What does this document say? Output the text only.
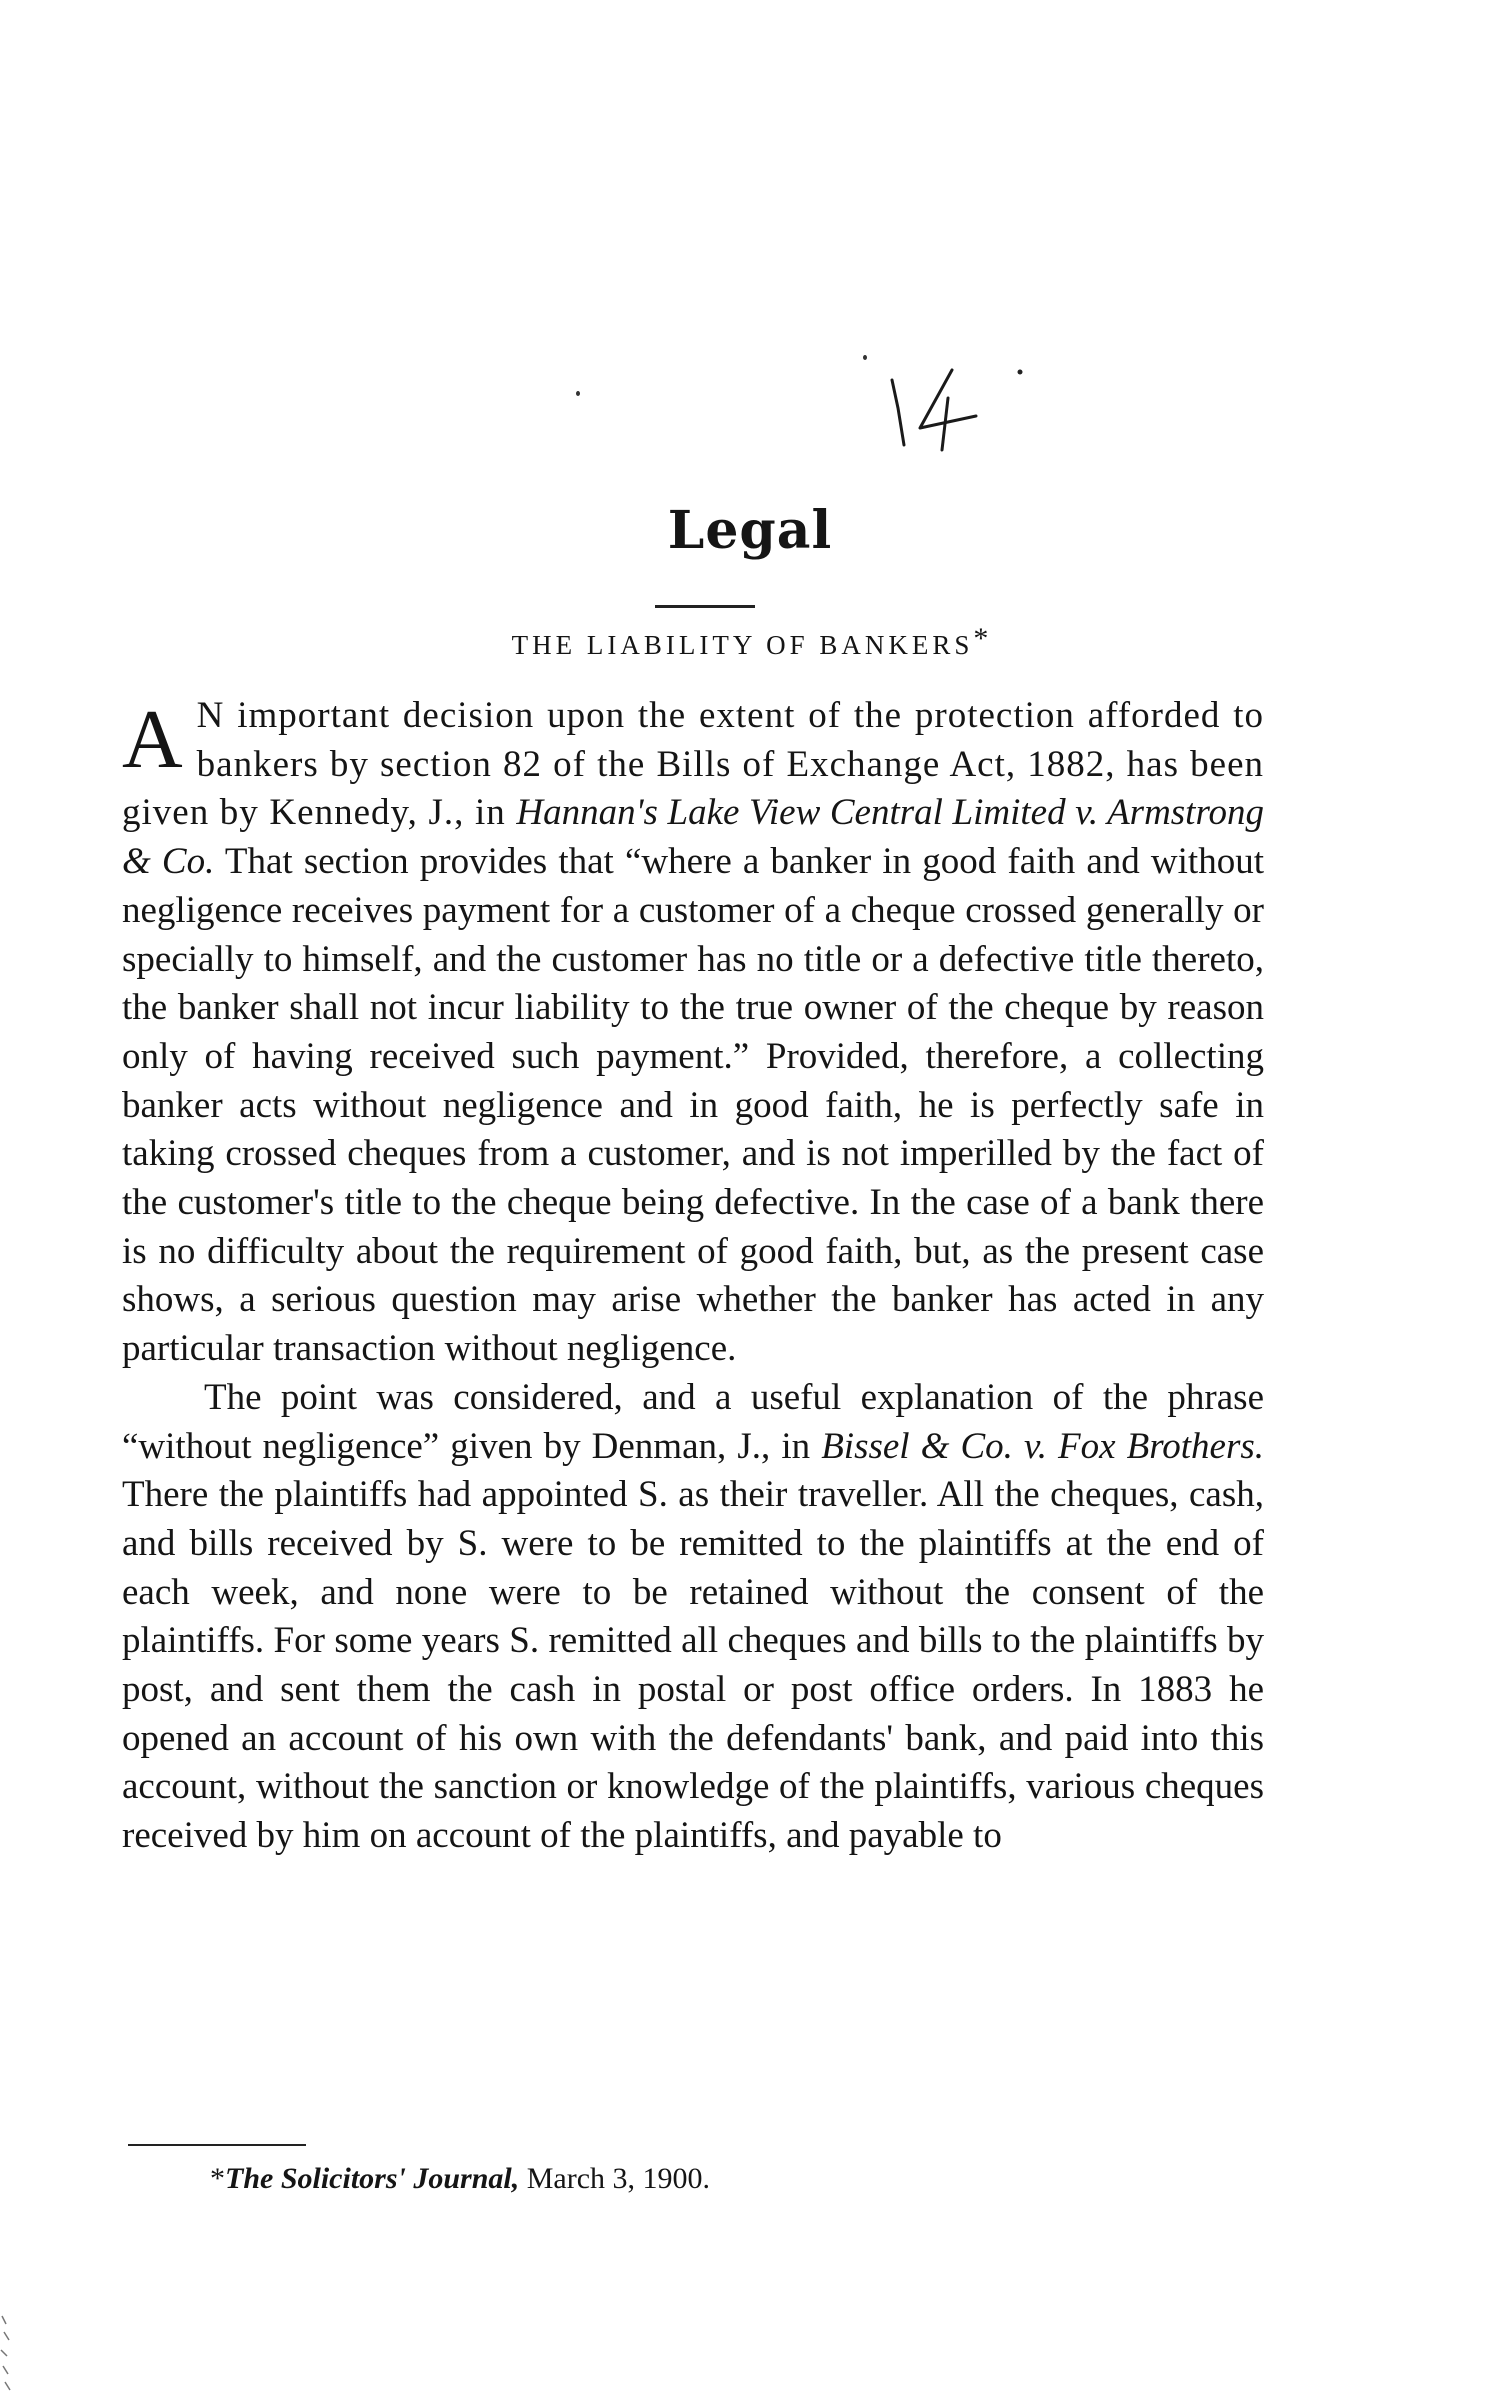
Legal
THE LIABILITY OF BANKERS*

A N important decision upon the extent of the protection afforded to bankers by section 82 of the Bills of Exchange Act, 1882, has been given by Kennedy, J., in Hannan's Lake View Central Limited v. Armstrong & Co. That section provides that “where a banker in good faith and without negligence receives payment for a customer of a cheque crossed generally or specially to himself, and the customer has no title or a defective title thereto, the banker shall not incur liability to the true owner of the cheque by reason only of having received such payment.” Provided, therefore, a collecting banker acts without negligence and in good faith, he is perfectly safe in taking crossed cheques from a customer, and is not imperilled by the fact of the customer's title to the cheque being defective. In the case of a bank there is no difficulty about the requirement of good faith, but, as the present case shows, a serious question may arise whether the banker has acted in any particular transaction without negligence.

The point was considered, and a useful explanation of the phrase “without negligence” given by Denman, J., in Bissel & Co. v. Fox Brothers. There the plaintiffs had appointed S. as their traveller. All the cheques, cash, and bills received by S. were to be remitted to the plaintiffs at the end of each week, and none were to be retained without the consent of the plaintiffs. For some years S. remitted all cheques and bills to the plaintiffs by post, and sent them the cash in postal or post office orders. In 1883 he opened an account of his own with the defendants' bank, and paid into this account, without the sanction or knowledge of the plaintiffs, various cheques received by him on account of the plaintiffs, and payable to

*The Solicitors' Journal, March 3, 1900.
